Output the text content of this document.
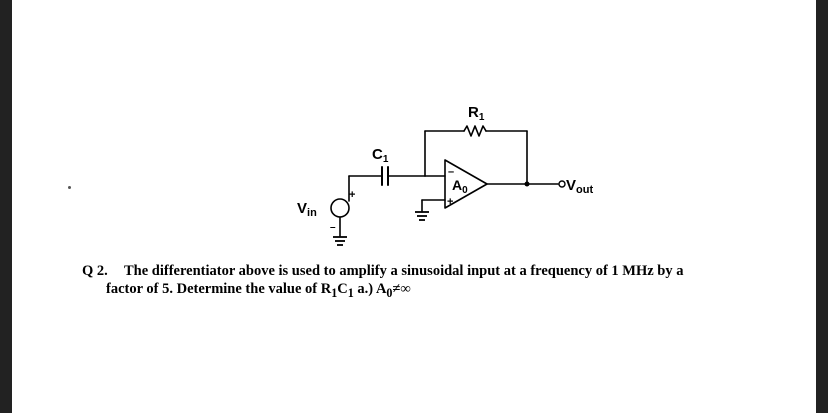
$R_1$
$C_1$
$A_0$
–
+
$V_{in}$
+
–
$V_{out}$
Q 2. The differentiator above is used to amplify a sinusoidal input at a frequency of 1 MHz by a
factor of 5. Determine the value of $R_1C_1$ a.) $A_0\ne\infty$
